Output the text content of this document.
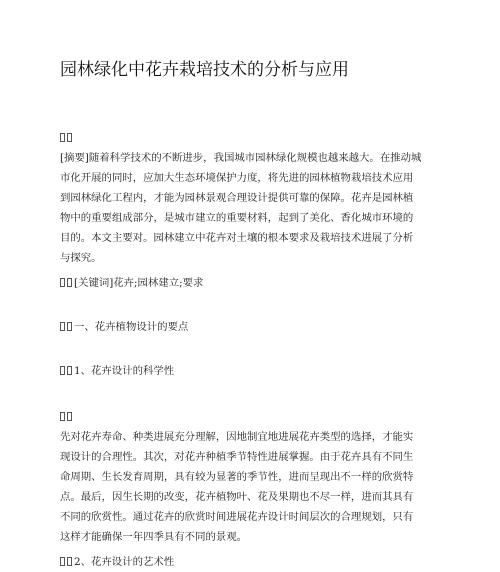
园林绿化中花卉栽培技术的分析与应用
[摘要]随着科学技术的不断进步，我国城市园林绿化规模也越来越大。在推动城
市化开展的同时，应加大生态环境保护力度，将先进的园林植物栽培技术应用
到园林绿化工程内，才能为园林景观合理设计提供可靠的保障。花卉是园林植
物中的重要组成部分，是城市建立的重要材料，起到了美化、香化城市环境的
目的。本文主要对。园林建立中花卉对土壤的根本要求及栽培技术进展了分析
与探究。
[关键词]花卉;园林建立;要求
一、花卉植物设计的要点
1、花卉设计的科学性
先对花卉寿命、种类进展充分理解，因地制宜地进展花卉类型的选择，才能实
现设计的合理性。其次，对花卉种植季节特性进展掌握。由于花卉具有不同生
命周期、生长发育周期，具有较为显著的季节性，进而呈现出不一样的欣赏特
点。最后，因生长期的改变，花卉植物叶、花及果期也不尽一样，进而其具有
不同的欣赏性。通过花卉的欣赏时间进展花卉设计时间层次的合理规划，只有
这样才能确保一年四季具有不同的景观。
2、花卉设计的艺术性
